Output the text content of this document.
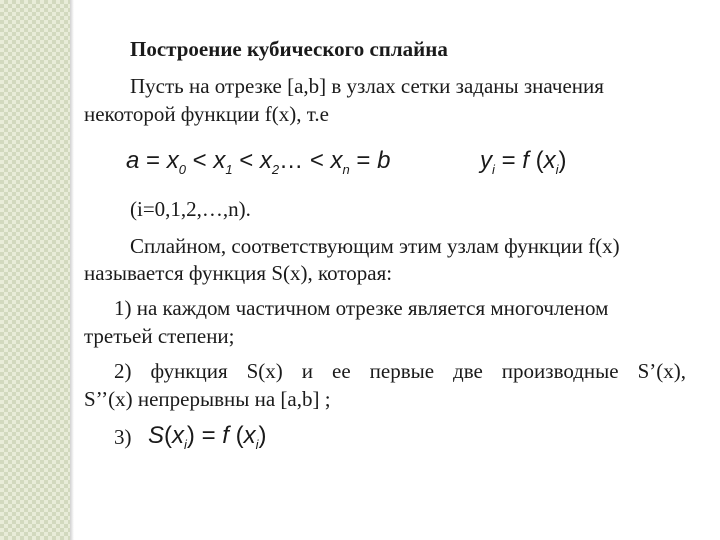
Построение кубического сплайна
Пусть на отрезке [a,b] в узлах сетки заданы значения
некоторой функции f(x), т.е
$a = x_0 < x_1$ < $x_2\dots < x_n = b$	$y_i = f$ $(x_i)$
(i=0,1,2,…,n).
Сплайном, соответствующим этим узлам функции f(x)
называется функция S(x), которая:
1) на каждом частичном отрезке является многочленом
третьей степени;
2) функция S(x) и ее первые две производные S’(x),
S’’(x) непрерывны на [a,b] ;
3) $S(x_i) = f$ $(x_i)$
